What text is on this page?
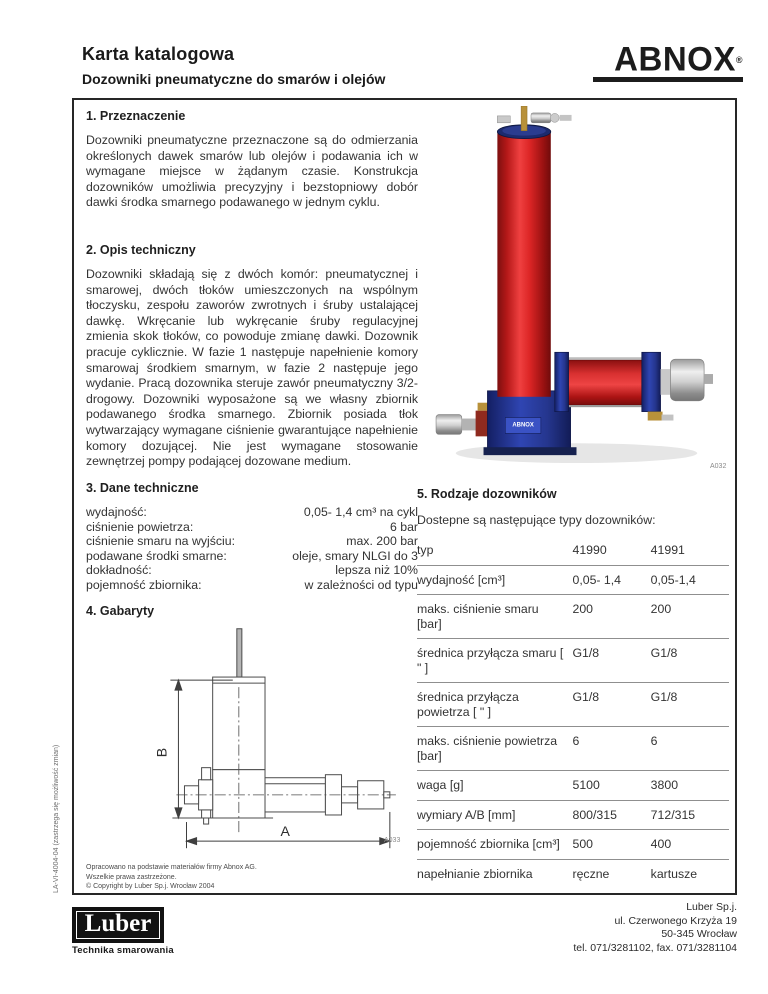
Karta katalogowa
Dozowniki pneumatyczne do smarów i olejów
ABNOX®
1. Przeznaczenie
Dozowniki pneumatyczne przeznaczone są do odmierzania określonych dawek smarów lub olejów i podawania ich w wymagane miejsce w żądanym czasie. Konstrukcja dozowników umożliwia precyzyjny i bezstopniowy dobór dawki środka smarnego podawanego w jednym cyklu.
2. Opis techniczny
Dozowniki składają się z dwóch komór: pneumatycznej i smarowej, dwóch tłoków umieszczonych na wspólnym tłoczysku, zespołu zaworów zwrotnych i śruby ustalającej dawkę. Wkręcanie lub wykręcanie śruby regulacyjnej zmienia skok tłoków, co powoduje zmianę dawki. Dozownik pracuje cyklicznie. W fazie 1 następuje napełnienie komory smarowaj środkiem smarnym, w fazie 2 następuje jego wydanie. Pracą dozownika steruje zawór pneumatyczny 3/2- drogowy. Dozowniki wyposażone są we własny zbiornik podawanego środka smarnego. Zbiornik posiada tłok wytwarzający wymagane ciśnienie gwarantujące napełnienie komory dozującej. Nie jest wymagane stosowanie zewnętrzej pompy podającej dozowane medium.
3. Dane techniczne
wydajność:	0,05- 1,4 cm³ na cykl
ciśnienie powietrza:	6 bar
ciśnienie smaru na wyjściu:	max. 200 bar
podawane środki smarne:	oleje, smary NLGI do 3
dokładność:	lepsza niż 10%
pojemność zbiornika:	w zależności od typu
4. Gabaryty
B
A
A033
Opracowano na podstawie materiałów firmy Abnox AG.
Wszelkie prawa zastrzeżone.
© Copyright by Luber Sp.j. Wrocław 2004
ABNOX
A032
5. Rodzaje dozowników
Dostepne są następujące typy dozowników:
typ	41990	41991
wydajność [cm³]	0,05- 1,4	0,05-1,4
maks. ciśnienie smaru [bar]	200	200
średnica przyłącza smaru [ " ]	G1/8	G1/8
średnica przyłącza powietrza [ " ]	G1/8	G1/8
maks. ciśnienie powietrza [bar]	6	6
waga [g]	5100	3800
wymiary A/B [mm]	800/315	712/315
pojemność zbiornika [cm³]	500	400
napełnianie zbiornika	ręczne	kartusze
LA-VI-4004-04 (zastrzega się możliwość zmian)
Luber
Technika smarowania
Luber Sp.j.
ul. Czerwonego Krzyża 19
50-345 Wrocław
tel. 071/3281102, fax. 071/3281104
